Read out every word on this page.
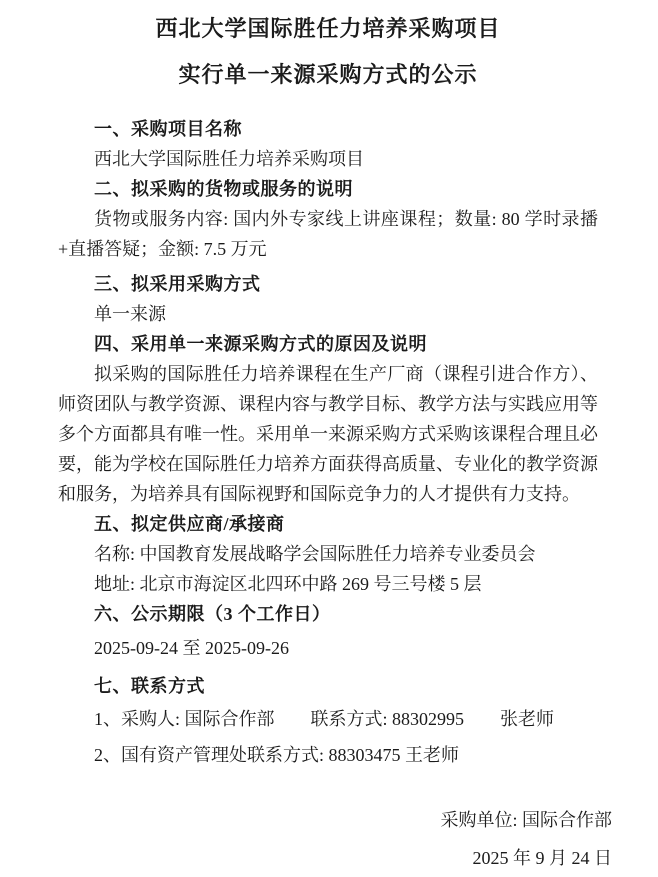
西北大学国际胜任力培养采购项目
实行单一来源采购方式的公示

一、采购项目名称

西北大学国际胜任力培养采购项目

二、拟采购的货物或服务的说明

货物或服务内容: 国内外专家线上讲座课程；数量: 80 学时录播+直播答疑；金额: 7.5 万元

三、拟采用采购方式

单一来源

四、采用单一来源采购方式的原因及说明

拟采购的国际胜任力培养课程在生产厂商（课程引进合作方）、师资团队与教学资源、课程内容与教学目标、教学方法与实践应用等多个方面都具有唯一性。采用单一来源采购方式采购该课程合理且必要，能为学校在国际胜任力培养方面获得高质量、专业化的教学资源和服务，为培养具有国际视野和国际竞争力的人才提供有力支持。

五、拟定供应商/承接商

名称: 中国教育发展战略学会国际胜任力培养专业委员会

地址: 北京市海淀区北四环中路 269 号三号楼 5 层

六、公示期限（3 个工作日）

2025-09-24 至 2025-09-26

七、联系方式

1、采购人: 国际合作部　　联系方式: 88302995　　张老师

2、国有资产管理处联系方式: 88303475 王老师

采购单位: 国际合作部

2025 年 9 月 24 日
